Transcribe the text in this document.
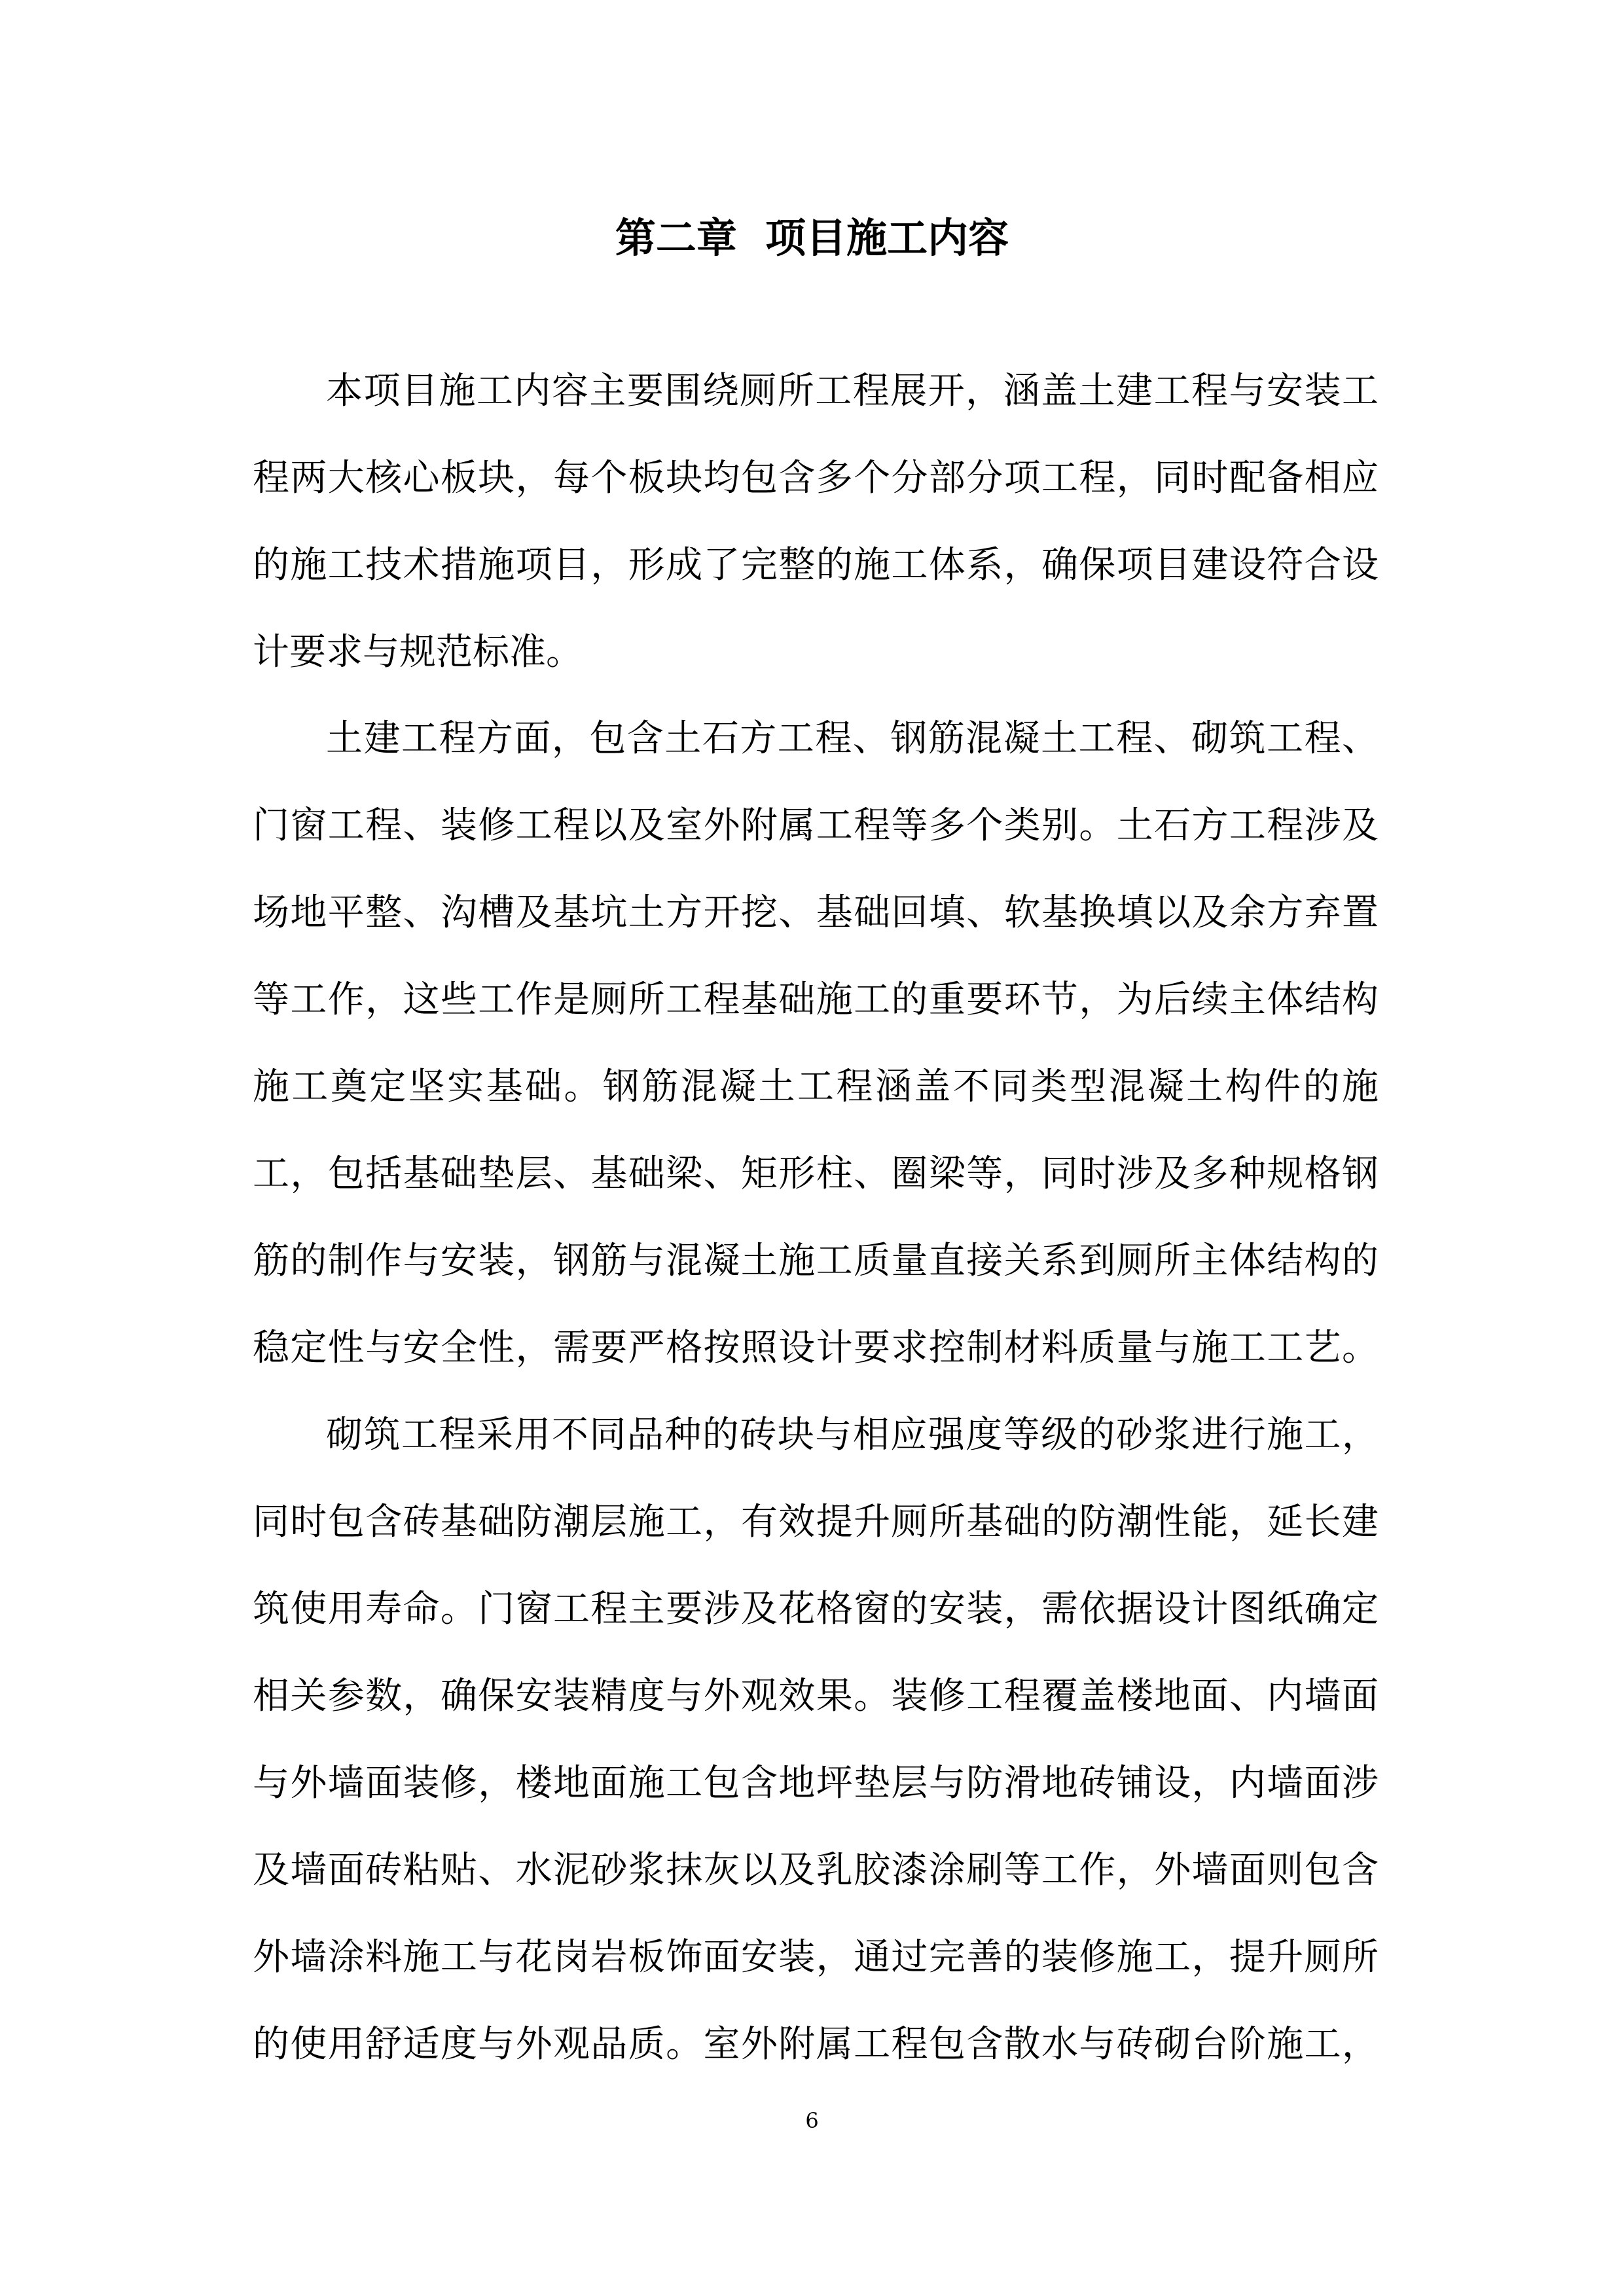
第二章  项目施工内容
本项目施工内容主要围绕厕所工程展开，涵盖土建工程与安装工
程两大核心板块，每个板块均包含多个分部分项工程，同时配备相应
的施工技术措施项目，形成了完整的施工体系，确保项目建设符合设
计要求与规范标准。
土建工程方面，包含土石方工程、钢筋混凝土工程、砌筑工程、
门窗工程、装修工程以及室外附属工程等多个类别。土石方工程涉及
场地平整、沟槽及基坑土方开挖、基础回填、软基换填以及余方弃置
等工作，这些工作是厕所工程基础施工的重要环节，为后续主体结构
施工奠定坚实基础。钢筋混凝土工程涵盖不同类型混凝土构件的施
工，包括基础垫层、基础梁、矩形柱、圈梁等，同时涉及多种规格钢
筋的制作与安装，钢筋与混凝土施工质量直接关系到厕所主体结构的
稳定性与安全性，需要严格按照设计要求控制材料质量与施工工艺。
砌筑工程采用不同品种的砖块与相应强度等级的砂浆进行施工，
同时包含砖基础防潮层施工，有效提升厕所基础的防潮性能，延长建
筑使用寿命。门窗工程主要涉及花格窗的安装，需依据设计图纸确定
相关参数，确保安装精度与外观效果。装修工程覆盖楼地面、内墙面
与外墙面装修，楼地面施工包含地坪垫层与防滑地砖铺设，内墙面涉
及墙面砖粘贴、水泥砂浆抹灰以及乳胶漆涂刷等工作，外墙面则包含
外墙涂料施工与花岗岩板饰面安装，通过完善的装修施工，提升厕所
的使用舒适度与外观品质。室外附属工程包含散水与砖砌台阶施工，
6
